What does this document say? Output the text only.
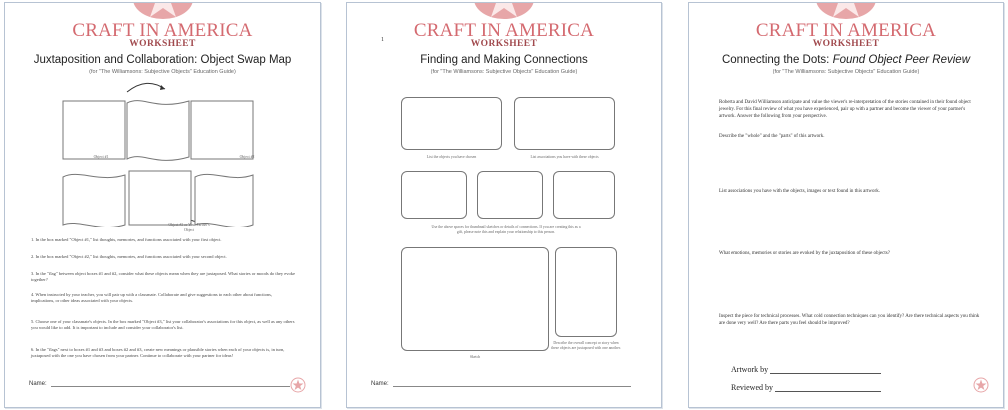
CRAFT IN AMERICA
WORKSHEET
Juxtaposition and Collaboration: Object Swap Map
(for "The Williamsons: Subjective Objects" Education Guide)
Object #1	Object #2
Object #3 or Your Partner's Object
1. In the box marked "Object #1," list thoughts, memories, and functions associated with your first object.
2. In the box marked "Object #2," list thoughts, memories, and functions associated with your second object.
3. In the "flag" between object boxes #1 and #2, consider what these objects mean when they are juxtaposed. What stories or moods do they evoke together?
4. When instructed by your teacher, you will pair up with a classmate. Collaborate and give suggestions to each other about functions, implications, or other ideas associated with your objects.
5. Choose one of your classmate's objects. In the box marked "Object #3," list your collaborator's associations for this object, as well as any others you would like to add. It is important to include and consider your collaborator's list.
6. In the "flags" next to boxes #1 and #3 and boxes #2 and #3, create new meanings or plausible stories when each of your objects is, in turn, juxtaposed with the one you have chosen from your partner. Continue to collaborate with your partner for ideas!
Name:
1	CRAFT IN AMERICA
WORKSHEET
Finding and Making Connections
(for "The Williamsons: Subjective Objects" Education Guide)
List the objects you have chosen	List associations you have with these objects
Use the above spaces for thumbnail sketches or details of connections. If you are creating this as a gift, please note this and explain your relationship to this person.
Sketch
Describe the overall concept or story when these objects are juxtaposed with one another.
Name:
CRAFT IN AMERICA
WORKSHEET
Connecting the Dots: Found Object Peer Review
(for "The Williamsons: Subjective Objects" Education Guide)
Roberta and David Williamson anticipate and value the viewer's re-interpretation of the stories contained in their found object jewelry. For this final review of what you have experienced, pair up with a partner and become the viewer of your partner's artwork. Answer the following from your perspective.
Describe the "whole" and the "parts" of this artwork.
List associations you have with the objects, images or text found in this artwork.
What emotions, memories or stories are evoked by the juxtaposition of these objects?
Inspect the piece for technical processes. What cold connection techniques can you identify? Are there technical aspects you think are done very well? Are there parts you feel should be improved?
Artwork by
Reviewed by
